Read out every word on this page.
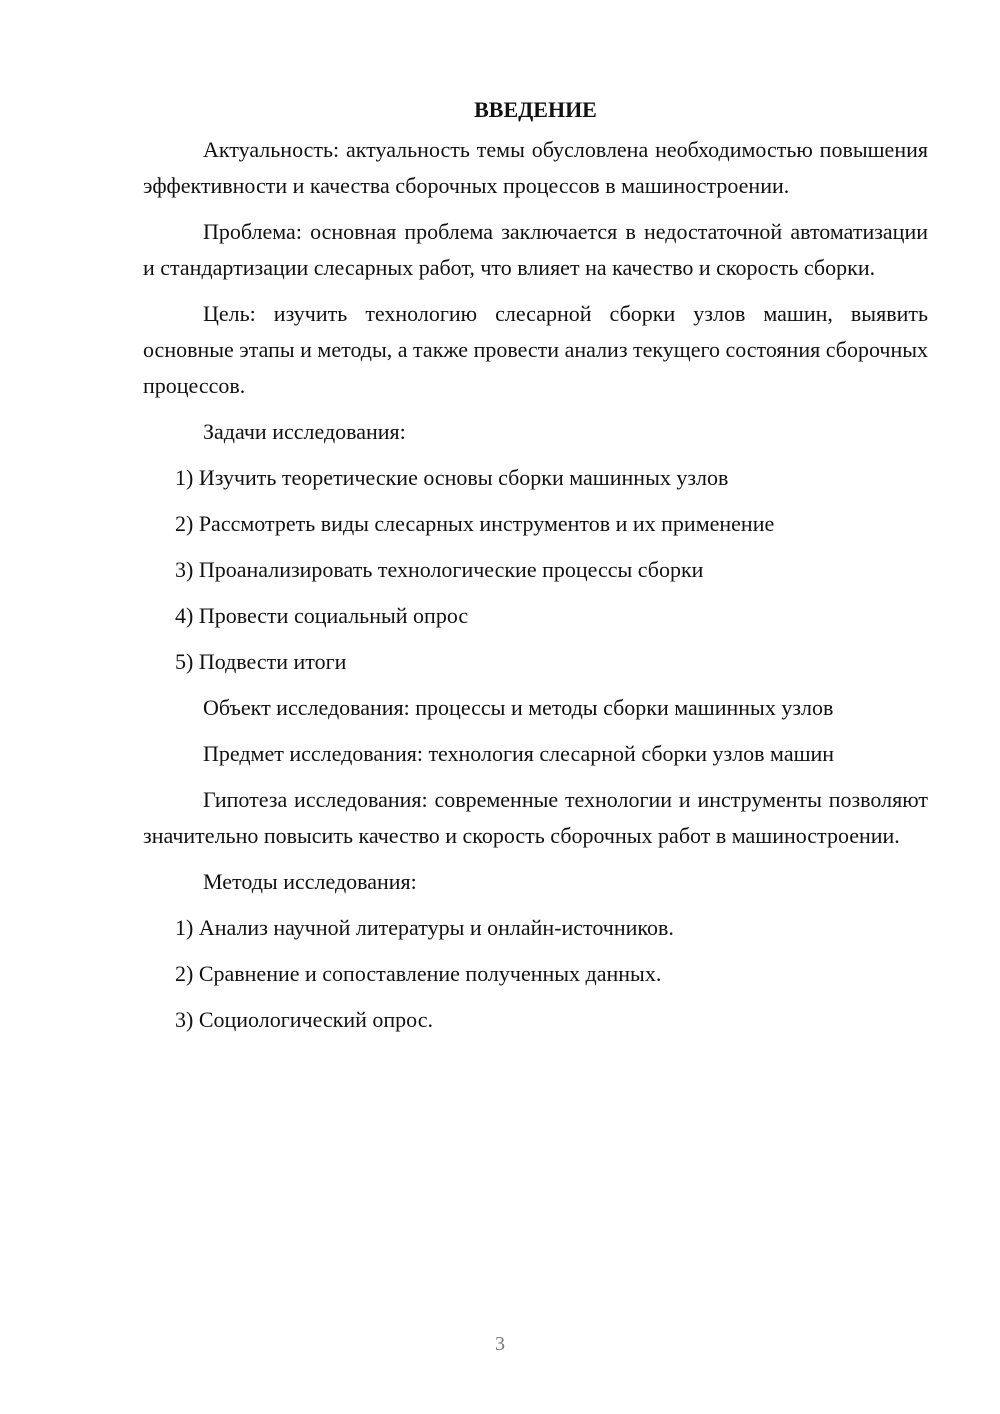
ВВЕДЕНИЕ

Актуальность: актуальность темы обусловлена необходимостью повышения эффективности и качества сборочных процессов в машиностроении.

Проблема: основная проблема заключается в недостаточной автоматизации и стандартизации слесарных работ, что влияет на качество и скорость сборки.

Цель: изучить технологию слесарной сборки узлов машин, выявить основные этапы и методы, а также провести анализ текущего состояния сборочных процессов.

Задачи исследования:

1) Изучить теоретические основы сборки машинных узлов
2) Рассмотреть виды слесарных инструментов и их применение
3) Проанализировать технологические процессы сборки
4) Провести социальный опрос
5) Подвести итоги

Объект исследования: процессы и методы сборки машинных узлов

Предмет исследования: технология слесарной сборки узлов машин

Гипотеза исследования: современные технологии и инструменты позволяют значительно повысить качество и скорость сборочных работ в машиностроении.

Методы исследования:

1) Анализ научной литературы и онлайн-источников.
2) Сравнение и сопоставление полученных данных.
3) Социологический опрос.
3
